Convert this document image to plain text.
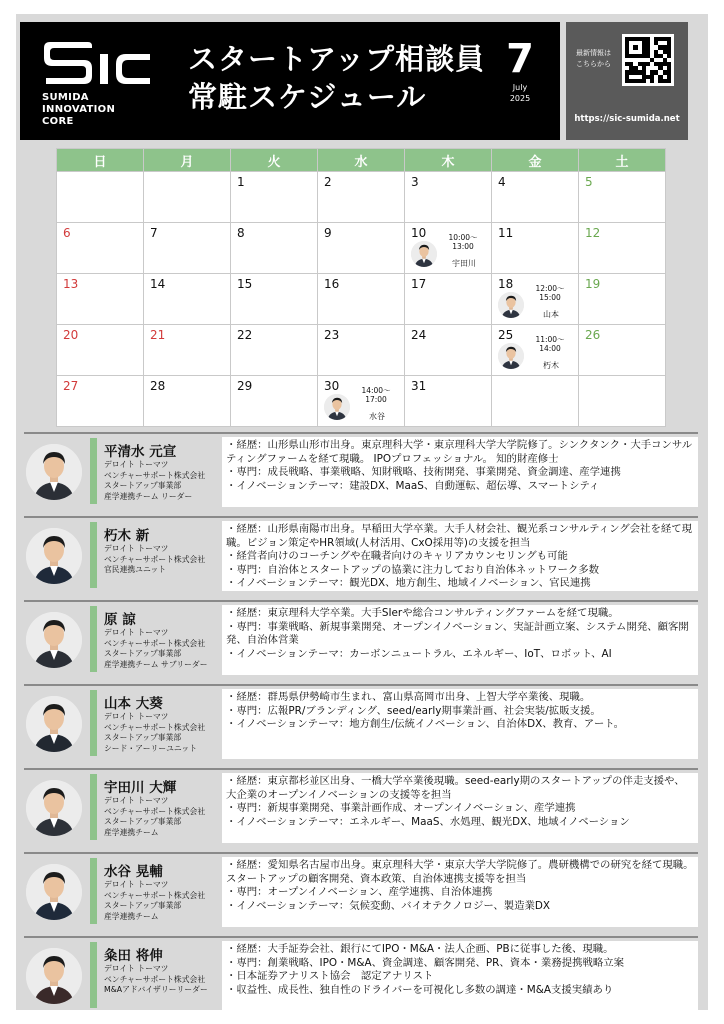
SUMIDA
INNOVATION
CORE
スタートアップ相談員
常駐スケジュール
7
July
2025
最新情報は
こちらから
https://sic-sumida.net
日	月	火	水	木	金	土
		1	2	3	4	5
6	7	8	9	10 10:00～
13:00
宇田川	11	12
13	14	15	16	17	18 12:00～
15:00
山本	19
20	21	22	23	24	25 11:00～
14:00
朽木	26
27	28	29	30 14:00～
17:00
水谷	31		
平清水 元宣
デロイト トーマツ
ベンチャーサポート株式会社
スタートアップ事業部
産学連携チーム リーダー

・経歴：山形県山形市出身。東京理科大学・東京理科大学大学院修了。シンクタンク・大手コンサルティングファームを経て現職。 IPOプロフェッショナル。 知的財産修士

・専門：成長戦略、事業戦略、知財戦略、技術開発、事業開発、資金調達、産学連携

・イノベーションテーマ：建設DX、MaaS、自動運転、超伝導、スマートシティ

朽木 新
デロイト トーマツ
ベンチャーサポート株式会社
官民連携ユニット

・経歴：山形県南陽市出身。早稲田大学卒業。大手人材会社、観光系コンサルティング会社を経て現職。ビジョン策定やHR領域(人材活用、CxO採用等)の支援を担当

・経営者向けのコーチングや在職者向けのキャリアカウンセリングも可能

・専門：自治体とスタートアップの協業に注力しており自治体ネットワーク多数

・イノベーションテーマ：観光DX、地方創生、地域イノベーション、官民連携

原 諒
デロイト トーマツ
ベンチャーサポート株式会社
スタートアップ事業部
産学連携チーム サブリーダー

・経歴：東京理科大学卒業。大手SIerや総合コンサルティングファームを経て現職。

・専門：事業戦略、新規事業開発、オープンイノベーション、実証計画立案、システム開発、顧客開発、自治体営業

・イノベーションテーマ：カーボンニュートラル、エネルギー、IoT、ロボット、AI

山本 大葵
デロイト トーマツ
ベンチャーサポート株式会社
スタートアップ事業部
シード・アーリーユニット

・経歴：群馬県伊勢崎市生まれ、富山県高岡市出身、上智大学卒業後、現職。

・専門：広報PR/ブランディング、seed/early期事業計画、社会実装/拡販支援。

・イノベーションテーマ：地方創生/伝統イノベーション、自治体DX、教育、アート。

宇田川 大輝
デロイト トーマツ
ベンチャーサポート株式会社
スタートアップ事業部
産学連携チーム

・経歴：東京都杉並区出身、一橋大学卒業後現職。seed-early期のスタートアップの伴走支援や、大企業のオープンイノベーションの支援等を担当

・専門：新規事業開発、事業計画作成、オープンイノベーション、産学連携

・イノベーションテーマ：エネルギー、MaaS、水処理、観光DX、地域イノベーション

水谷 晃輔
デロイト トーマツ
ベンチャーサポート株式会社
スタートアップ事業部
産学連携チーム

・経歴：愛知県名古屋市出身。東京理科大学・東京大学大学院修了。農研機構での研究を経て現職。スタートアップの顧客開発、資本政策、自治体連携支援等を担当

・専門：オープンイノベーション、産学連携、自治体連携

・イノベーションテーマ：気候変動、バイオテクノロジー、製造業DX

粂田 将伸
デロイト トーマツ
ベンチャーサポート株式会社
M&Aアドバイザリーリーダー

・経歴：大手証券会社、銀行にてIPO・M&A・法人企画、PBに従事した後、現職。

・専門：創業戦略、IPO・M&A、資金調達、顧客開発、PR、資本・業務提携戦略立案

・日本証券アナリスト協会　認定アナリスト

・収益性、成長性、独自性のドライバーを可視化し多数の調達・M&A支援実績あり
